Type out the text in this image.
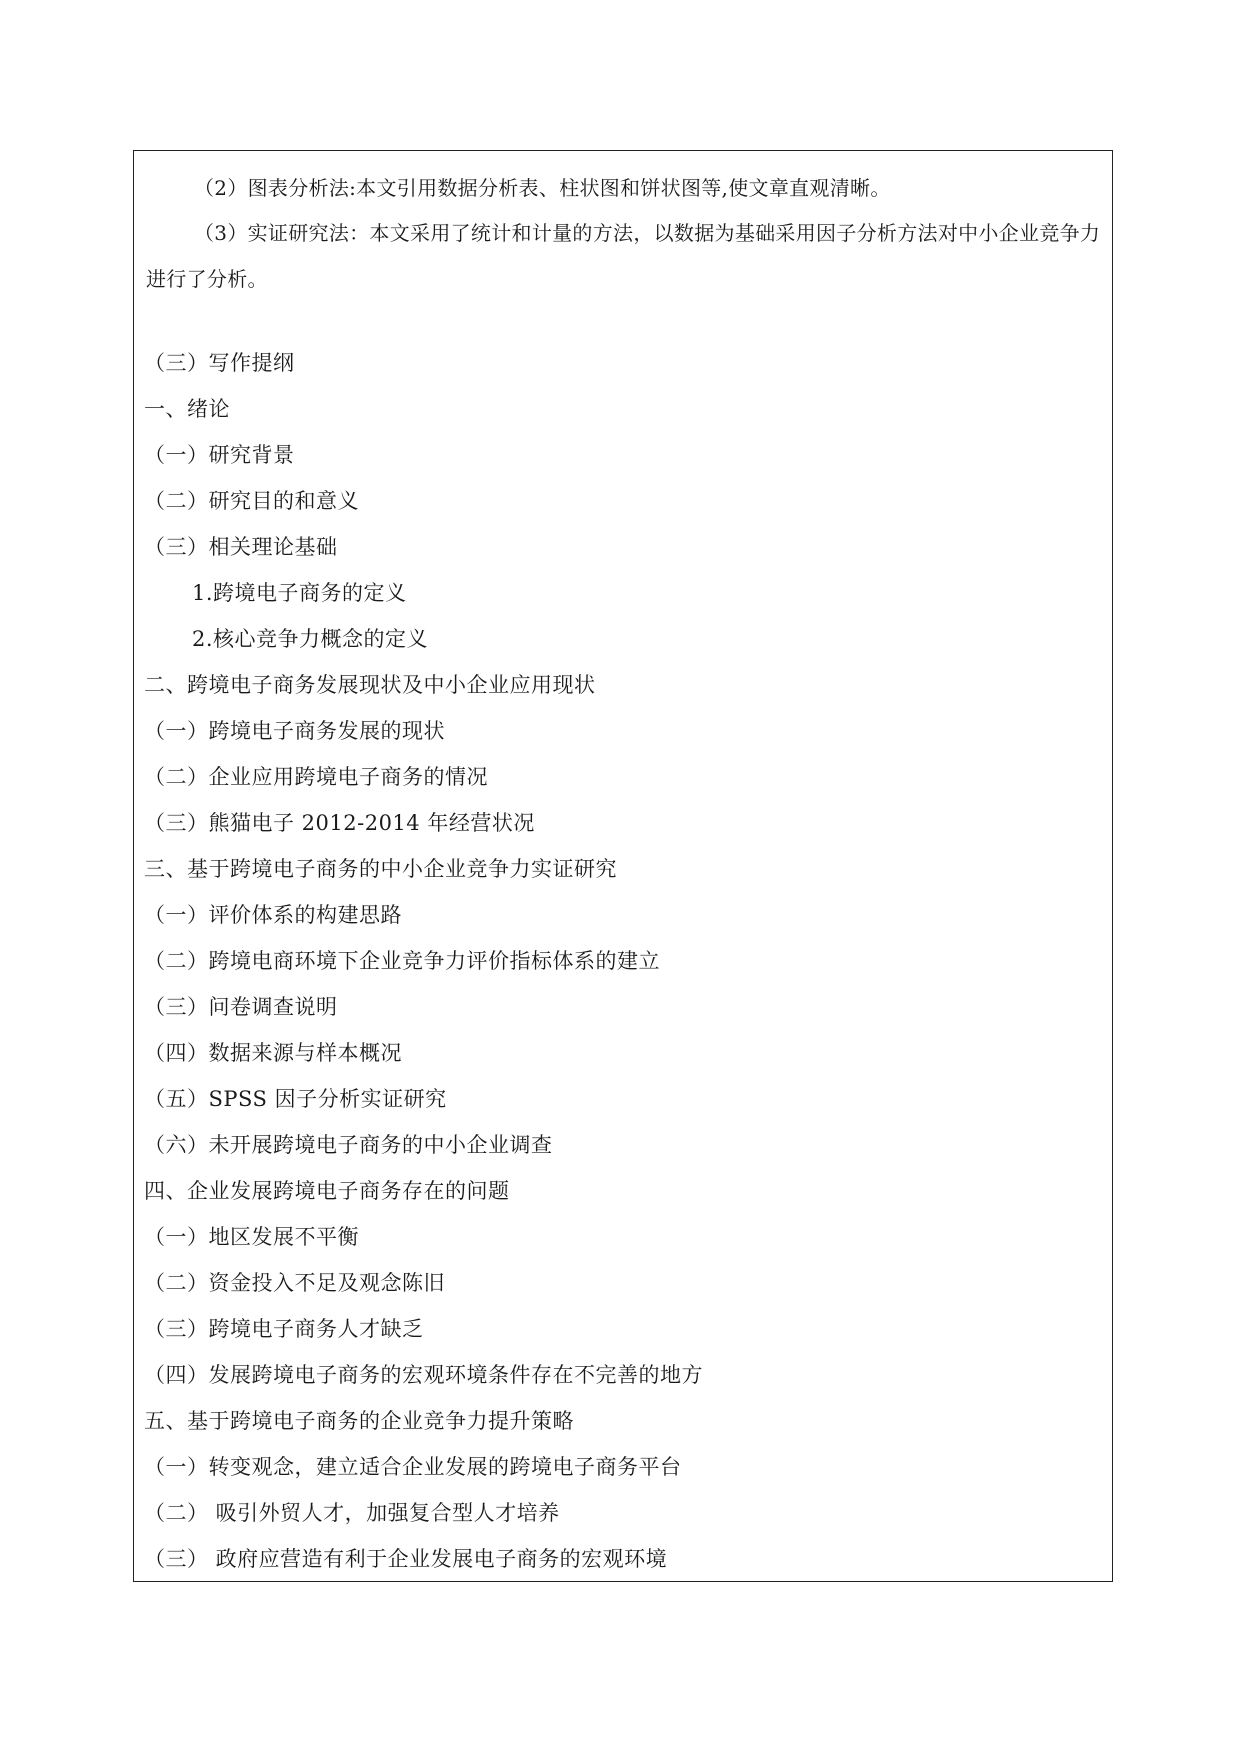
（2）图表分析法:本文引用数据分析表、柱状图和饼状图等,使文章直观清晰。
（3）实证研究法：本文采用了统计和计量的方法，以数据为基础采用因子分析方法对中小企业竞争力进行了分析。
（三）写作提纲
一、绪论
（一）研究背景
（二）研究目的和意义
（三）相关理论基础
1.跨境电子商务的定义
2.核心竞争力概念的定义
二、跨境电子商务发展现状及中小企业应用现状
（一）跨境电子商务发展的现状
（二）企业应用跨境电子商务的情况
（三）熊猫电子 2012-2014 年经营状况
三、基于跨境电子商务的中小企业竞争力实证研究
（一）评价体系的构建思路
（二）跨境电商环境下企业竞争力评价指标体系的建立
（三）问卷调查说明
（四）数据来源与样本概况
（五）SPSS 因子分析实证研究
（六）未开展跨境电子商务的中小企业调查
四、企业发展跨境电子商务存在的问题
（一）地区发展不平衡
（二）资金投入不足及观念陈旧
（三）跨境电子商务人才缺乏
（四）发展跨境电子商务的宏观环境条件存在不完善的地方
五、基于跨境电子商务的企业竞争力提升策略
（一）转变观念，建立适合企业发展的跨境电子商务平台
（二） 吸引外贸人才，加强复合型人才培养
（三） 政府应营造有利于企业发展电子商务的宏观环境
